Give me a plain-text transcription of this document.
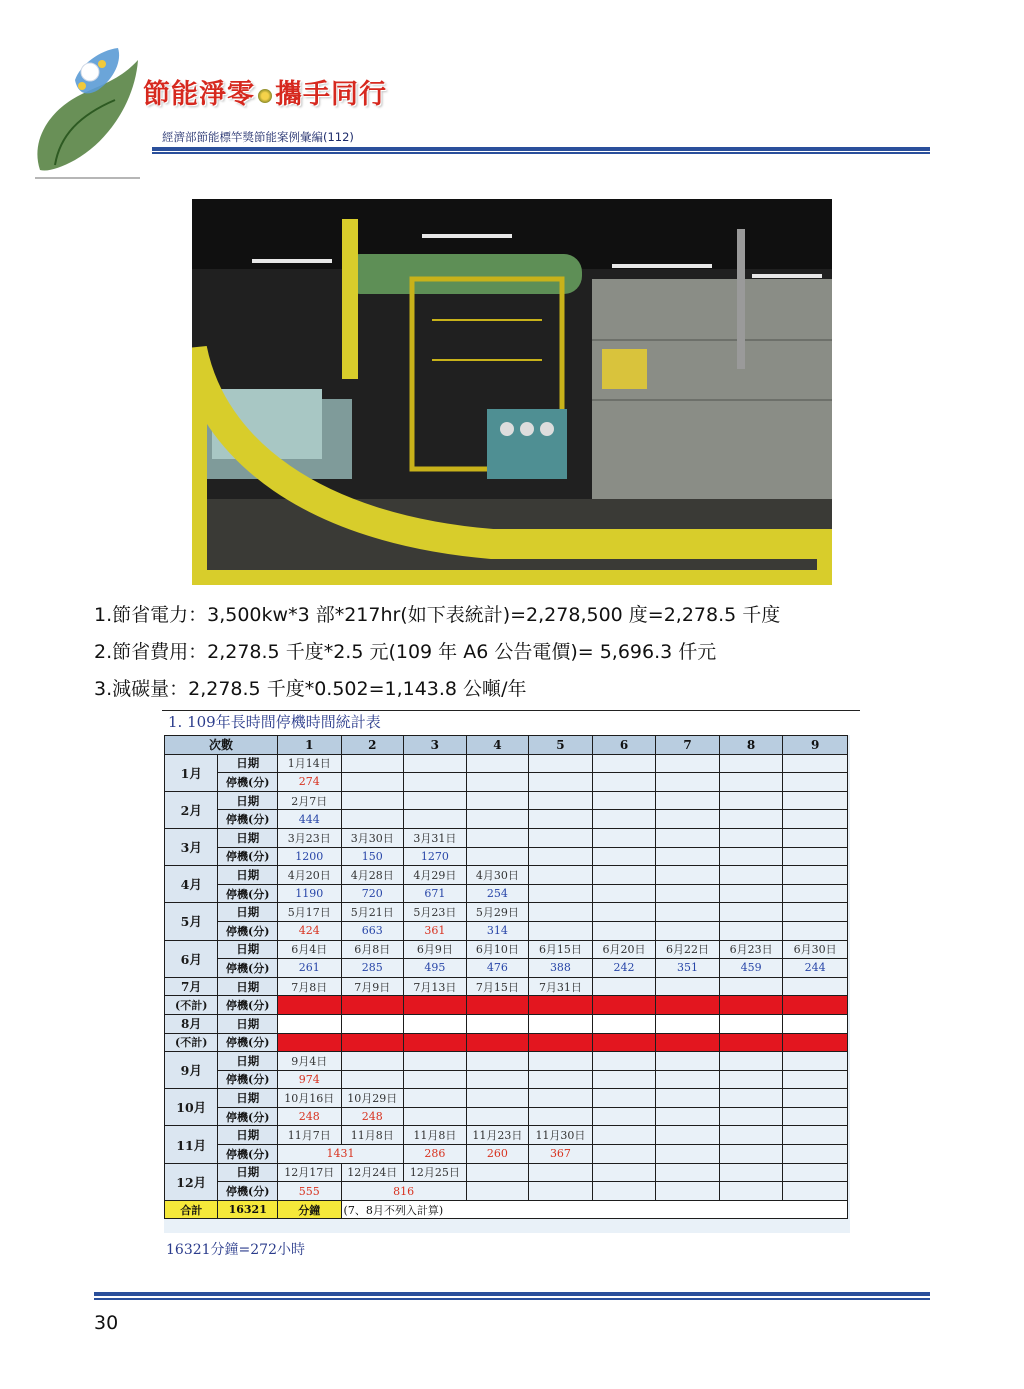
節能淨零 攜手同行
經濟部節能標竿獎節能案例彙編(112)
1.節省電力：3,500kw*3 部*217hr(如下表統計)=2,278,500 度=2,278.5 千度
2.節省費用：2,278.5 千度*2.5 元(109 年 A6 公告電價)= 5,696.3 仟元
3.減碳量：2,278.5 千度*0.502=1,143.8 公噸/年
1. 109年長時間停機時間統計表
次數		1	2	3	4	5	6	7	8	9
1月	日期	1月14日								
	停機(分)	274								
2月	日期	2月7日								
	停機(分)	444								
3月	日期	3月23日	3月30日	3月31日						
	停機(分)	1200	150	1270						
4月	日期	4月20日	4月28日	4月29日	4月30日					
	停機(分)	1190	720	671	254					
5月	日期	5月17日	5月21日	5月23日	5月29日					
	停機(分)	424	663	361	314					
6月	日期	6月4日	6月8日	6月9日	6月10日	6月15日	6月20日	6月22日	6月23日	6月30日
	停機(分)	261	285	495	476	388	242	351	459	244
7月	日期	7月8日	7月9日	7月13日	7月15日	7月31日				
(不計)	停機(分)									
8月	日期									
(不計)	停機(分)									
9月	日期	9月4日								
	停機(分)	974								
10月	日期	10月16日	10月29日							
	停機(分)	248	248							
11月	日期	11月7日	11月8日	11月8日	11月23日	11月30日				
	停機(分)	1431		286	260	367				
12月	日期	12月17日	12月24日	12月25日						
	停機(分)	555	816							
合計	16321	分鐘	(7、8月不列入計算)							
16321分鐘=272小時
30
